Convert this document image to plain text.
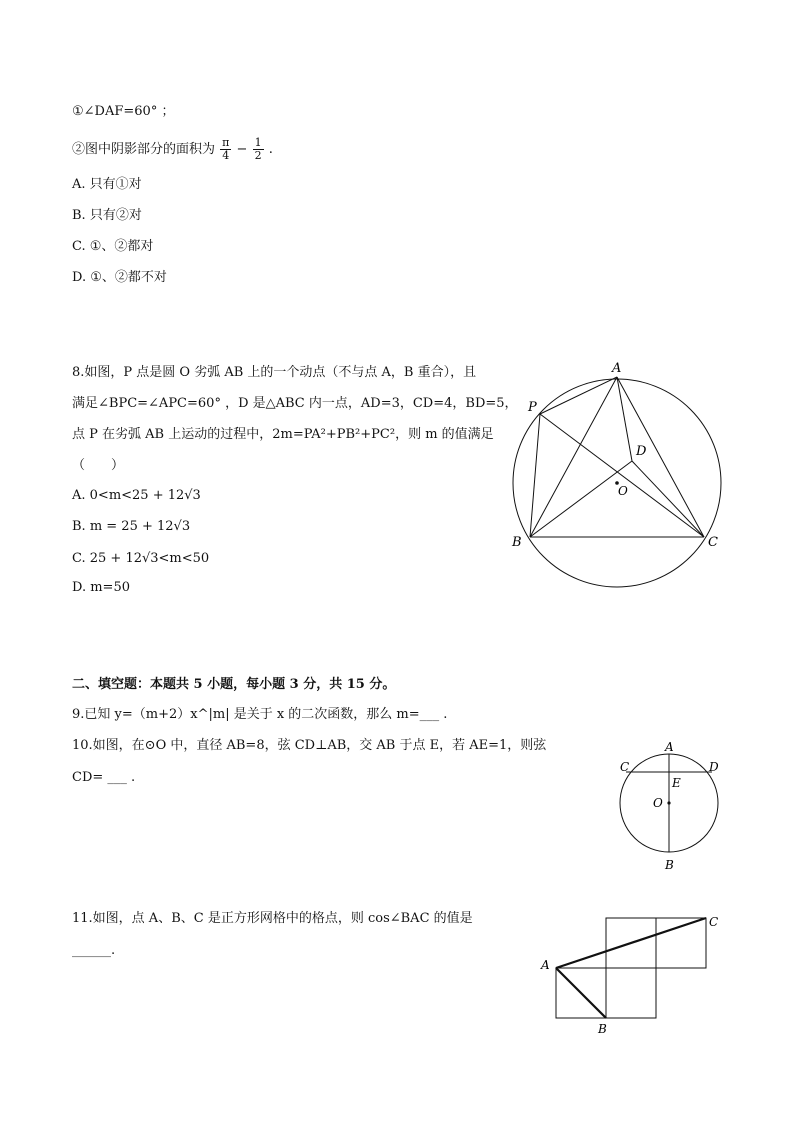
①∠DAF=60° ；
②图中阴影部分的面积为 $\frac{\pi}{4} - \frac{1}{2}$ .
A. 只有①对
B. 只有②对
C. ①、②都对
D. ①、②都不对
8.如图，P 点是圆 O 劣弧 AB 上的一个动点（不与点 A，B 重合），且
满足∠BPC=∠APC=60° ，D 是△ABC 内一点，AD=3，CD=4，BD=5，
点 P 在劣弧 AB 上运动的过程中，2m=PA²+PB²+PC²，则 m 的值满足
（　　）
A. 0<m<25 + 12√3
B. m = 25 + 12√3
C. 25 + 12√3<m<50
D. m=50
A
P
D
O
B	C
二、填空题：本题共 5 小题，每小题 3 分，共 15 分。
9.已知 y=（m+2）x^|m| 是关于 x 的二次函数，那么 m=___ .
10.如图，在⊙O 中，直径 AB=8，弦 CD⊥AB，交 AB 于点 E，若 AE=1，则弦
CD= ___ .
A
C	D
E
O
B
11.如图，点 A、B、C 是正方形网格中的格点，则 cos∠BAC 的值是
______.
A
C
B
